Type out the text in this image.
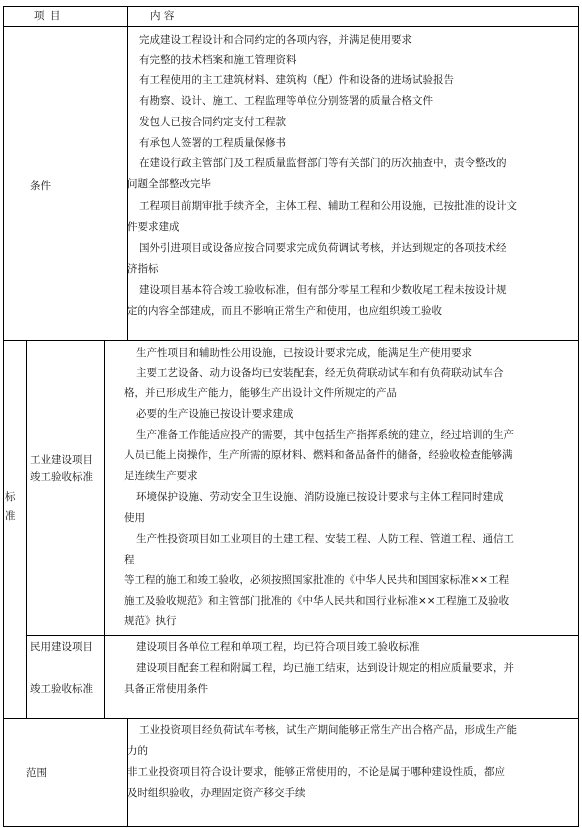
项 目	内 容
条件
完成建设工程设计和合同约定的各项内容，并满足使用要求
有完整的技术档案和施工管理资料
有工程使用的主工建筑材料、建筑构（配）件和设备的进场试验报告
有勘察、设计、施工、工程监理等单位分别签署的质量合格文件
发包人已按合同约定支付工程款
有承包人签署的工程质量保修书
在建设行政主管部门及工程质量监督部门等有关部门的历次抽查中，责令整改的
问题全部整改完毕
工程项目前期审批手续齐全，主体工程、辅助工程和公用设施，已按批准的设计文
件要求建成
国外引进项目或设备应按合同要求完成负荷调试考核，并达到规定的各项技术经
济指标
建设项目基本符合竣工验收标准，但有部分零星工程和少数收尾工程未按设计规
定的内容全部建成，而且不影响正常生产和使用，也应组织竣工验收
标
准
工业建设项目
竣工验收标准
生产性项目和辅助性公用设施，已按设计要求完成，能满足生产使用要求
主要工艺设备、动力设备均已安装配套，经无负荷联动试车和有负荷联动试车合
格，并已形成生产能力，能够生产出设计文件所规定的产品
必要的生产设施已按设计要求建成
生产准备工作能适应投产的需要，其中包括生产指挥系统的建立，经过培训的生产
人员已能上岗操作，生产所需的原材料、燃料和备品备件的储备，经验收检查能够满
足连续生产要求
环境保护设施、劳动安全卫生设施、消防设施已按设计要求与主体工程同时建成
使用
生产性投资项目如工业项目的土建工程、安装工程、人防工程、管道工程、通信工
程
等工程的施工和竣工验收，必须按照国家批准的《中华人民共和国国家标准××工程
施工及验收规范》和主管部门批准的《中华人民共和国行业标准××工程施工及验收
规范》执行
民用建设项目
竣工验收标准
建设项目各单位工程和单项工程，均已符合项目竣工验收标准
建设项目配套工程和附属工程，均已施工结束，达到设计规定的相应质量要求，并
具备正常使用条件
范围
工业投资项目经负荷试车考核，试生产期间能够正常生产出合格产品，形成生产能
力的
非工业投资项目符合设计要求，能够正常使用的，不论是属于哪种建设性质，都应
及时组织验收，办理固定资产移交手续
